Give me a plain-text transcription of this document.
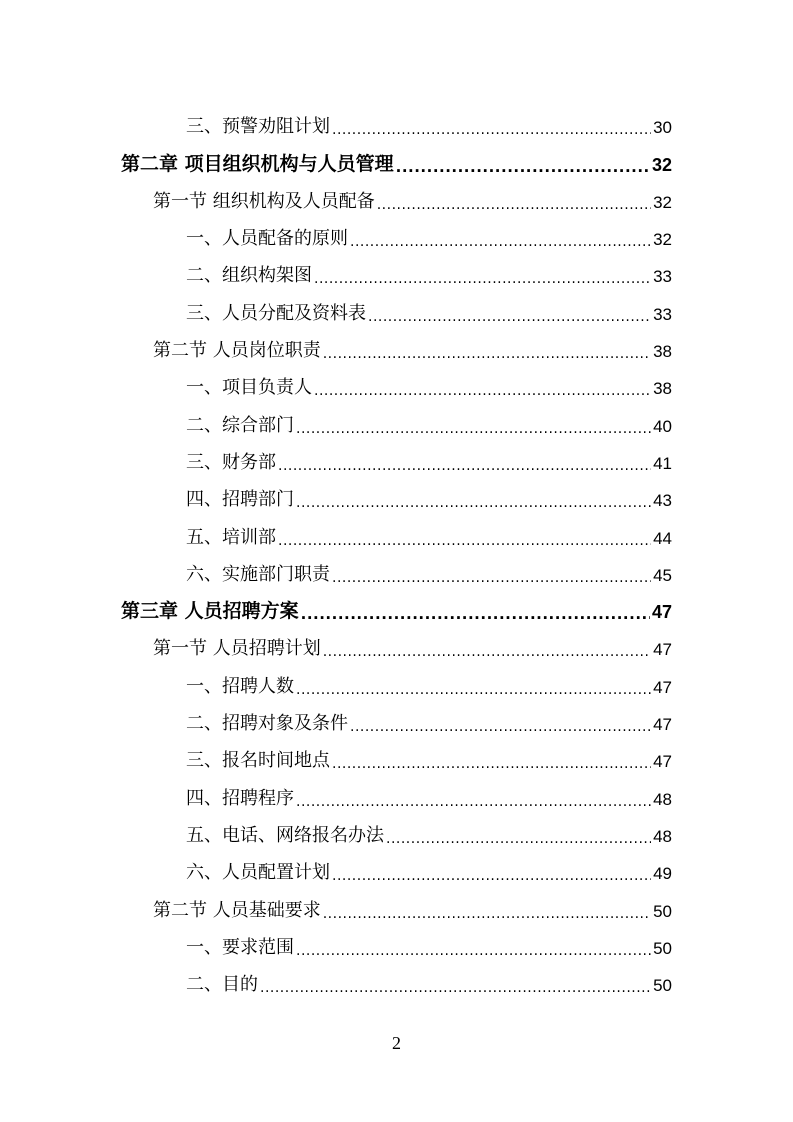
三、预警劝阻计划 .....	30
第二章 项目组织机构与人员管理 .....	32
第一节 组织机构及人员配备 .....	32
一、人员配备的原则 .....	32
二、组织构架图 .....	33
三、人员分配及资料表 .....	33
第二节 人员岗位职责 .....	38
一、项目负责人 .....	38
二、综合部门 .....	40
三、财务部 .....	41
四、招聘部门 .....	43
五、培训部 .....	44
六、实施部门职责 .....	45
第三章 人员招聘方案 .....	47
第一节 人员招聘计划 .....	47
一、招聘人数 .....	47
二、招聘对象及条件 .....	47
三、报名时间地点 .....	47
四、招聘程序 .....	48
五、电话、网络报名办法 .....	48
六、人员配置计划 .....	49
第二节 人员基础要求 .....	50
一、要求范围 .....	50
二、目的 .....	50
2
